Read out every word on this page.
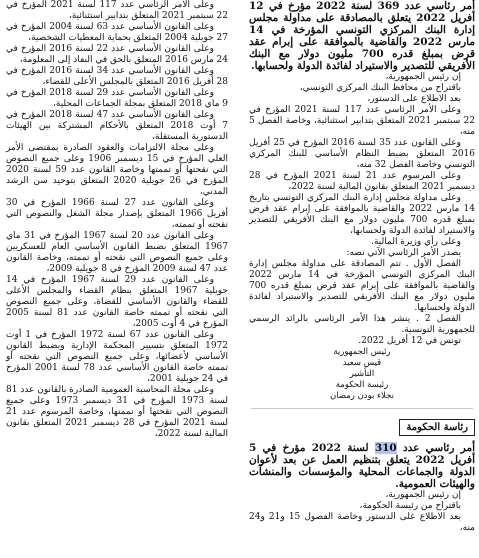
أمر رئاسي عدد 369 لسنة 2022 مؤرخ في 12 أفريل 2022 يتعلق بالمصادقة على مداولة مجلس إدارة البنك المركزي التونسي المؤرخة في 14 مارس 2022 والقاضية بالموافقة على إبرام عقد قرض بمبلغ قدره 700 مليون دولار مع البنك الأفريقي للتصدير والاستيراد لفائدة الدولة ولحسابها.

إن رئيس الجمهورية،

باقتراح من محافظ البنك المركزي التونسي،

بعد الاطلاع على الدستور،

وعلى الأمر الرئاسي عدد 117 لسنة 2021 المؤرخ في 22 سبتمبر 2021 المتعلق بتدابير استثنائية، وخاصة الفصل 5 منه،

وعلى القانون عدد 35 لسنة 2016 المؤرخ في 25 أفريل 2016 المتعلق بضبط النظام الأساسي للبنك المركزي التونسي وخاصة الفصل 32 منه،

وعلى المرسوم عدد 21 لسنة 2021 المؤرخ في 28 ديسمبر 2021 المتعلق بقانون المالية لسنة 2022،

وعلى مداولة مجلس إدارة البنك المركزي التونسي بتاريخ 14 مارس 2022 والقاضية بالموافقة على إبرام عقد قرض بمبلغ قدره 700 مليون دولار مع البنك الأفريقي للتصدير والاستيراد لفائدة الدولة ولحسابها،

وعلى رأي وزيرة المالية.

يصدر الأمر الرئاسي الآتي نصه:

الفصل الأول . تتم المصادقة على مداولة مجلس إدارة البنك المركزي التونسي المؤرخة في 14 مارس 2022 والقاضية بالموافقة على إبرام عقد قرض بمبلغ قدره 700 مليون دولار مع البنك الأفريقي للتصدير والاستيراد لفائدة الدولة ولحسابها.

الفصل 2 . ينشر هذا الأمر الرئاسي بالرائد الرسمي للجمهورية التونسية.

تونس في 12 أفريل 2022.

رئيس الجمهورية

قيس سعيد

التأشير

رئيسة الحكومة

نجلاء بودن رمضان

رئاسة الحكومة

أمر رئاسي عدد 310 لسنة 2022 مؤرخ في 5 أفريل 2022 يتعلق بتنظيم العمل عن بعد لأعوان الدولة والجماعات المحلية والمؤسسات والمنشآت والهيئات العمومية.

إن رئيس الجمهورية،

باقتراح من رئيسة الحكومة،

بعد الاطلاع على الدستور وخاصة الفصول 15 و21 و24 منه،

وعلى الأمر الرئاسي عدد 117 لسنة 2021 المؤرخ في 22 سبتمبر 2021 المتعلق بتدابير استثنائية،

وعلى القانون الأساسي عدد 63 لسنة 2004 المؤرخ في 27 جويلية 2004 المتعلق بحماية المعطيات الشخصية،

وعلى القانون الأساسي عدد 22 لسنة 2016 المؤرخ في 24 مارس 2016 المتعلق بالحق في النفاذ إلى المعلومة،

وعلى القانون الأساسي عدد 34 لسنة 2016 المؤرخ في 28 أفريل 2016 المتعلق بالمجلس الأعلى للقضاء،

وعلى القانون الأساسي عدد 29 لسنة 2018 المؤرخ في 9 ماي 2018 المتعلق بمجلة الجماعات المحلية،

وعلى القانون الأساسي عدد 47 لسنة 2018 المؤرخ في 7 أوت 2018 المتعلق بالأحكام المشتركة بين الهيئات الدستورية المستقلة،

وعلى مجلة الالتزامات والعقود الصادرة بمقتضى الأمر العلي المؤرخ في 15 ديسمبر 1906 وعلى جميع النصوص التي نقحتها أو تممتها وخاصة القانون عدد 59 لسنة 2020 المؤرخ في 26 جويلية 2020 المتعلق بتوحيد سن الرشد المدني،

وعلى القانون عدد 27 لسنة 1966 المؤرخ في 30 أفريل 1966 المتعلق بإصدار مجلة الشغل والنصوص التي نقحته أو تممته،

وعلى القانون عدد 20 لسنة 1967 المؤرخ في 31 ماي 1967 المتعلق بضبط القانون الأساسي العام للعسكريين وعلى جميع النصوص التي نقحته أو تممته، وخاصة القانون عدد 47 لسنة 2009 المؤرخ في 8 جويلية 2009،

وعلى القانون عدد 29 لسنة 1967 المؤرخ في 14 جويلية 1967 المتعلق بنظام القضاء والمجلس الأعلى للقضاء والقانون الأساسي للقضاة، وعلى جميع النصوص التي نقحته أو تممته خاصة القانون عدد 81 لسنة 2005 المؤرخ في 4 أوت 2005،

وعلى القانون عدد 67 لسنة 1972 المؤرخ في 1 أوت 1972 المتعلق بتسيير المحكمة الإدارية وبضبط القانون الأساسي لأعضائها، وعلى جميع النصوص التي نقحته أو تممته خاصة القانون الأساسي عدد 78 لسنة 2001 المؤرخ في 24 جويلية 2001،

وعلى مجلة المحاسبة العمومية الصادرة بالقانون عدد 81 لسنة 1973 المؤرخ في 31 ديسمبر 1973 وعلى جميع النصوص التي نقحتها أو تممتها، وخاصة المرسوم عدد 21 لسنة 2021 المؤرخ في 28 ديسمبر 2021 المتعلق بقانون المالية لسنة 2022،
